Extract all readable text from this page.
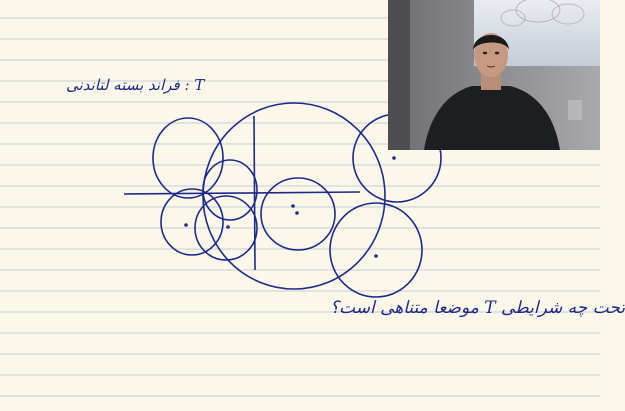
T : فراند بسته لتاندنی
تحت چه شرایطی T موضعا متناهی است؟
